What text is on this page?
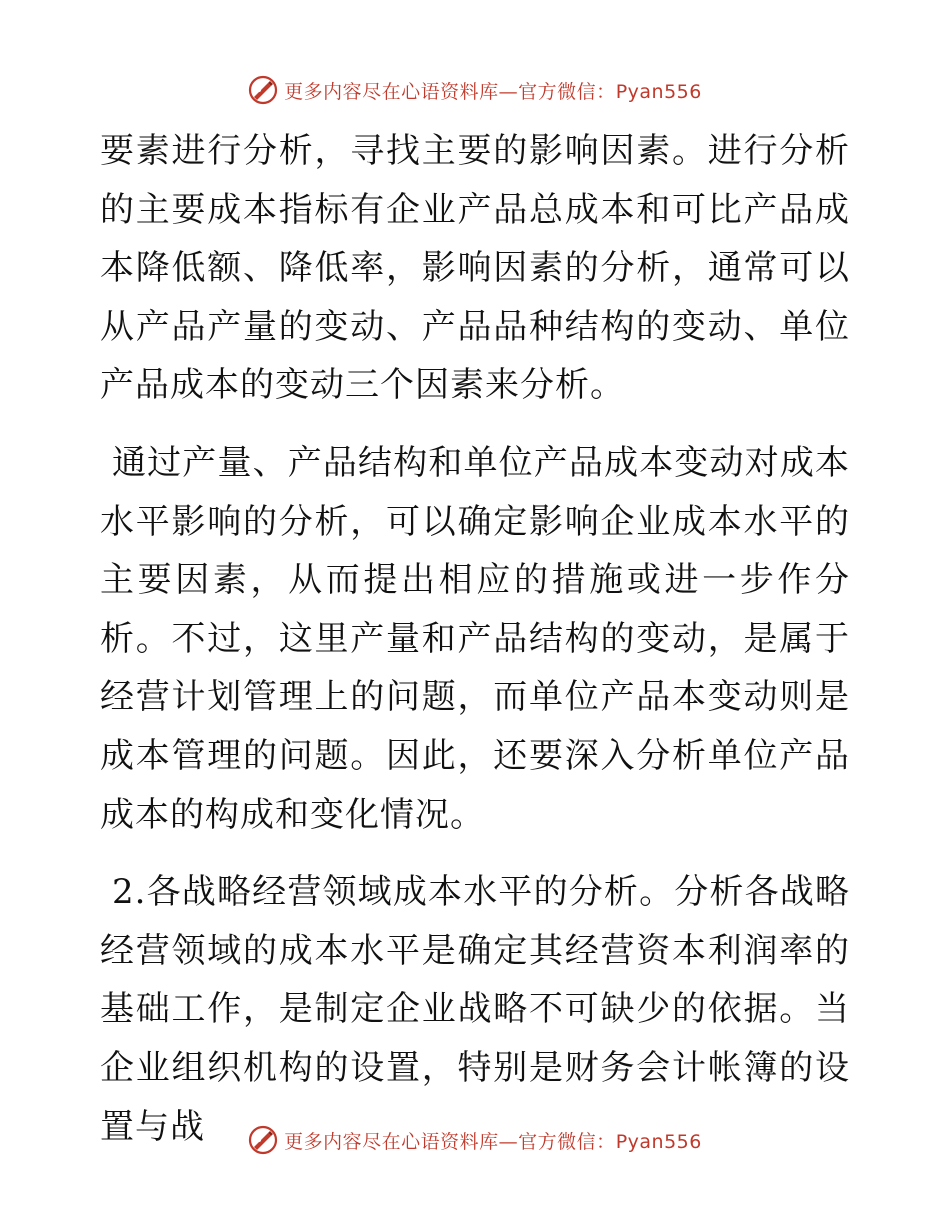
更多内容尽在心语资料库—官方微信：Pyan556

要素进行分析，寻找主要的影响因素。进行分析的主要成本指标有企业产品总成本和可比产品成本降低额、降低率，影响因素的分析，通常可以从产品产量的变动、产品品种结构的变动、单位产品成本的变动三个因素来分析。

通过产量、产品结构和单位产品成本变动对成本水平影响的分析，可以确定影响企业成本水平的主要因素，从而提出相应的措施或进一步作分析。不过，这里产量和产品结构的变动，是属于经营计划管理上的问题，而单位产品本变动则是成本管理的问题。因此，还要深入分析单位产品成本的构成和变化情况。

2.各战略经营领域成本水平的分析。分析各战略经营领域的成本水平是确定其经营资本利润率的基础工作，是制定企业战略不可缺少的依据。当企业组织机构的设置，特别是财务会计帐簿的设置与战	更多内容尽在心语资料库—官方微信：Pyan556
